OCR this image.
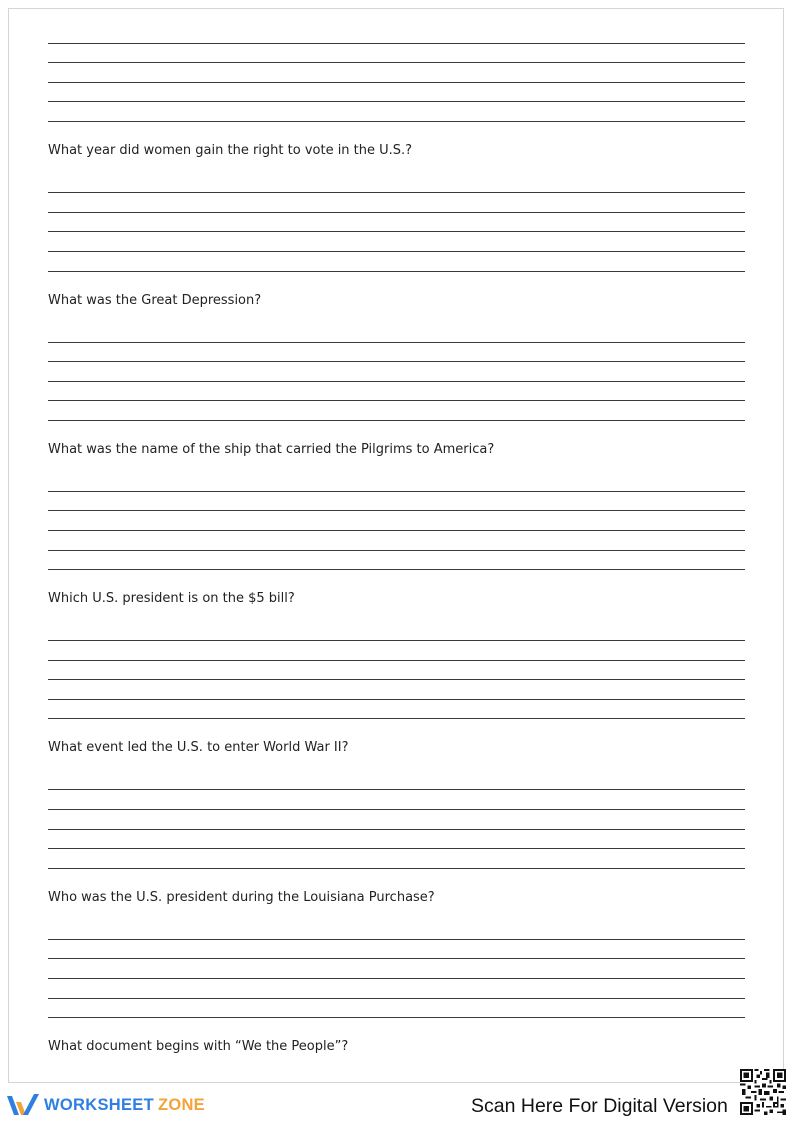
What year did women gain the right to vote in the U.S.?
What was the Great Depression?
What was the name of the ship that carried the Pilgrims to America?
Which U.S. president is on the $5 bill?
What event led the U.S. to enter World War II?
Who was the U.S. president during the Louisiana Purchase?
What document begins with “We the People”?
WORKSHEET ZONE	Scan Here For Digital Version
